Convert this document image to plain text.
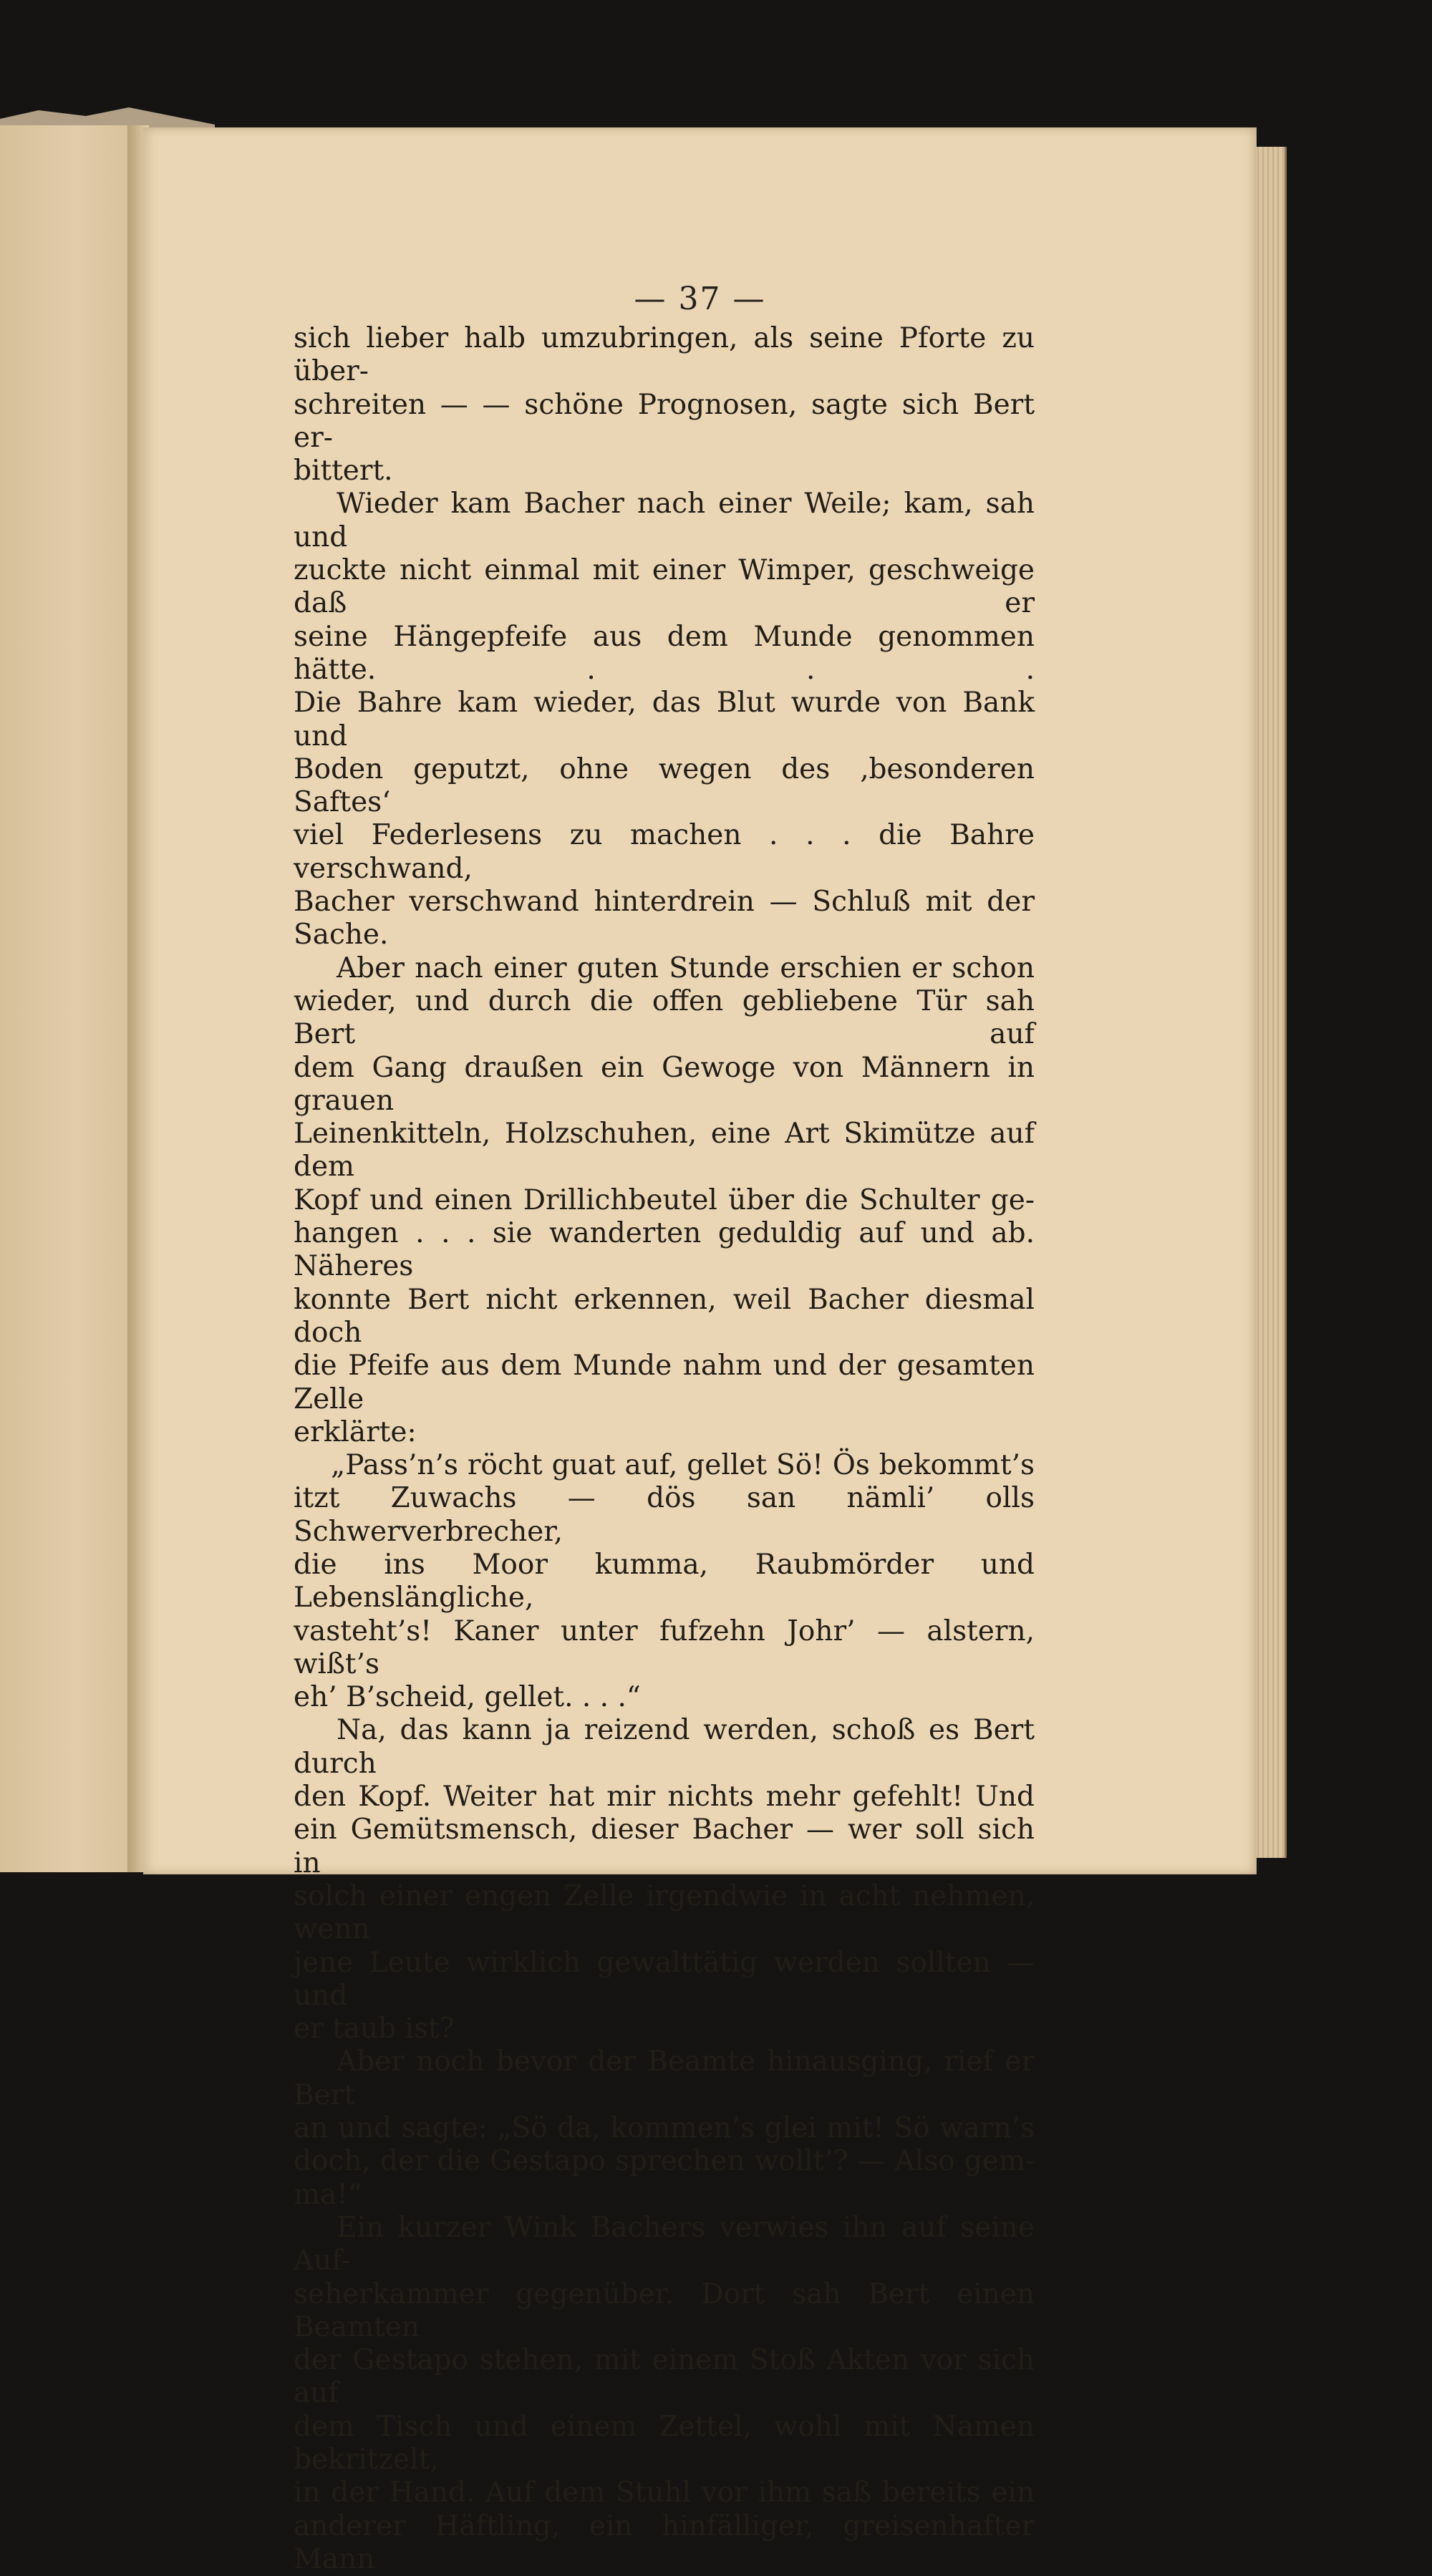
— 37 —

sich lieber halb umzubringen, als seine Pforte zu über-

schreiten — — schöne Prognosen, sagte sich Bert er-

bittert.

Wieder kam Bacher nach einer Weile; kam, sah und

zuckte nicht einmal mit einer Wimper, geschweige daß er

seine Hängepfeife aus dem Munde genommen hätte. . . .

Die Bahre kam wieder, das Blut wurde von Bank und

Boden geputzt, ohne wegen des ‚besonderen Saftes‘

viel Federlesens zu machen . . . die Bahre verschwand,

Bacher verschwand hinterdrein — Schluß mit der Sache.

Aber nach einer guten Stunde erschien er schon

wieder, und durch die offen gebliebene Tür sah Bert auf

dem Gang draußen ein Gewoge von Männern in grauen

Leinenkitteln, Holzschuhen, eine Art Skimütze auf dem

Kopf und einen Drillichbeutel über die Schulter ge-

hangen . . . sie wanderten geduldig auf und ab. Näheres

konnte Bert nicht erkennen, weil Bacher diesmal doch

die Pfeife aus dem Munde nahm und der gesamten Zelle

erklärte:

„Pass’n’s röcht guat auf, gellet Sö! Ös bekommt’s

itzt Zuwachs — dös san nämli’ olls Schwerverbrecher,

die ins Moor kumma, Raubmörder und Lebenslängliche,

vasteht’s! Kaner unter fufzehn Johr’ — alstern, wißt’s

eh’ B’scheid, gellet. . . .“

Na, das kann ja reizend werden, schoß es Bert durch

den Kopf. Weiter hat mir nichts mehr gefehlt! Und

ein Gemütsmensch, dieser Bacher — wer soll sich in

solch einer engen Zelle irgendwie in acht nehmen, wenn

jene Leute wirklich gewalttätig werden sollten — und

er taub ist?

Aber noch bevor der Beamte hinausging, rief er Bert

an und sagte: „Sö da, kommen’s glei mit! Sö warn’s

doch, der die Gestapo sprechen wollt’? — Also gem-ma!“

Ein kurzer Wink Bachers verwies ihn auf seine Auf-

seherkammer gegenüber. Dort sah Bert einen Beamten

der Gestapo stehen, mit einem Stoß Akten vor sich auf

dem Tisch und einem Zettel, wohl mit Namen bekritzelt,

in der Hand. Auf dem Stuhl vor ihm saß bereits ein

anderer Häftling, ein hinfälliger, greisenhafter Mann
